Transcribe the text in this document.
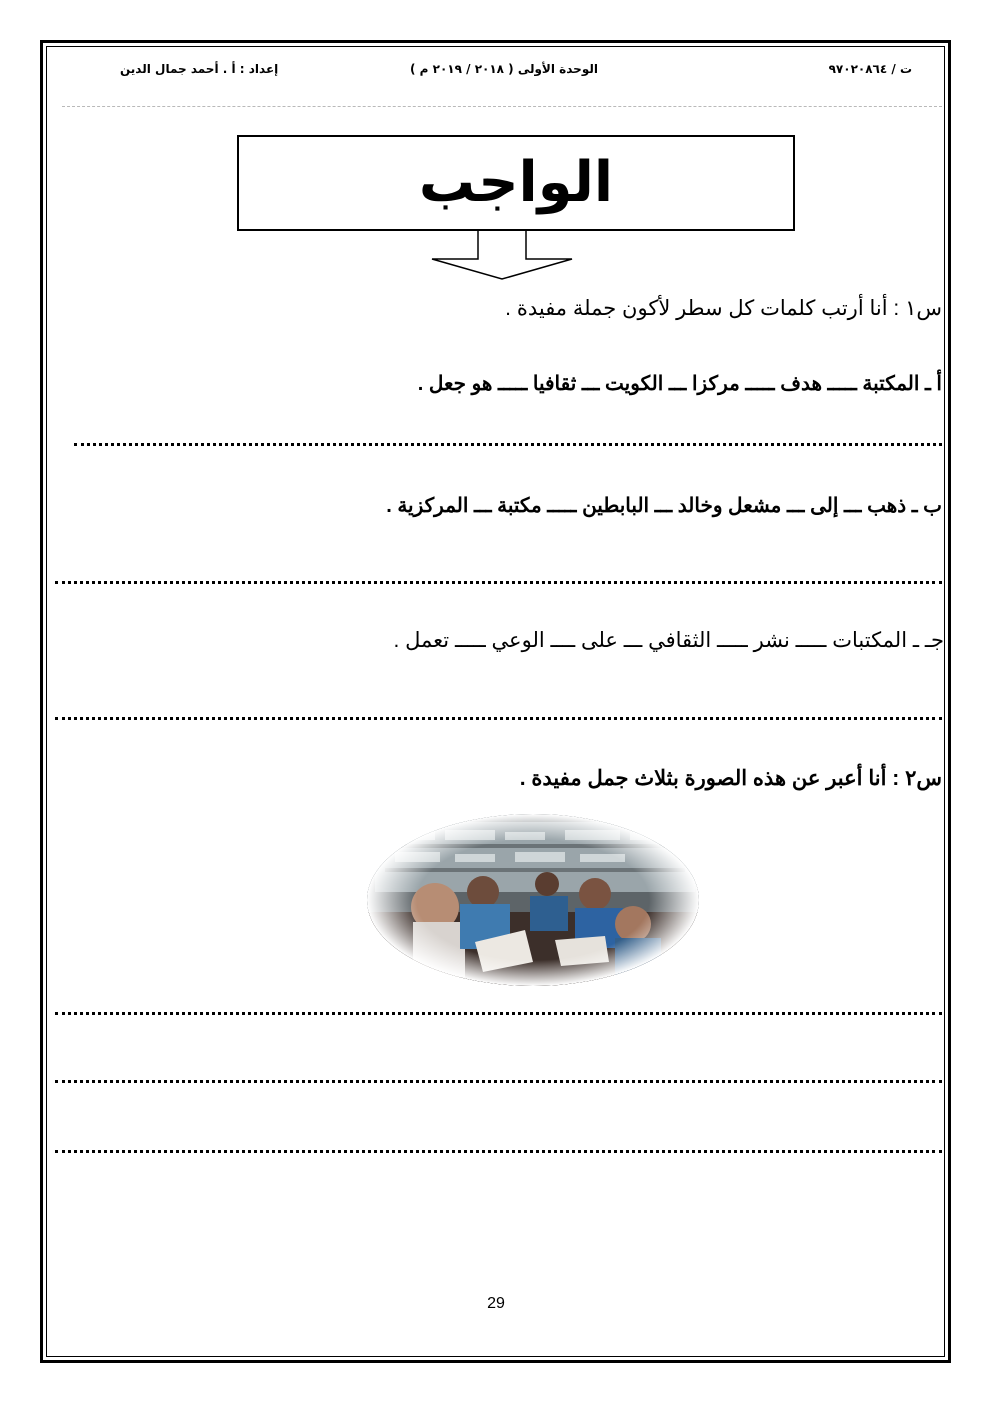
ت / ٩٧٠٢٠٨٦٤
الوحدة الأولى ( ٢٠١٨ / ٢٠١٩ م )
إعداد : أ . أحمد جمال الدين
الواجب
س١ : أنا أرتب كلمات كل سطر لأكون جملة مفيدة .
أ ـ المكتبة ـــــ هدف ـــــ مركزا ـــ الكويت ـــ ثقافيا ـــــ هو جعل .
ب ـ ذهب ـــ إلى ـــ مشعل وخالد ـــ البابطين ـــــ مكتبة ـــ المركزية .
جـ ـ المكتبات ـــــ نشر ـــــ الثقافي ـــ على ــــ الوعي ـــــ تعمل .
س٢ : أنا أعبر عن هذه الصورة بثلاث جمل مفيدة .
29
